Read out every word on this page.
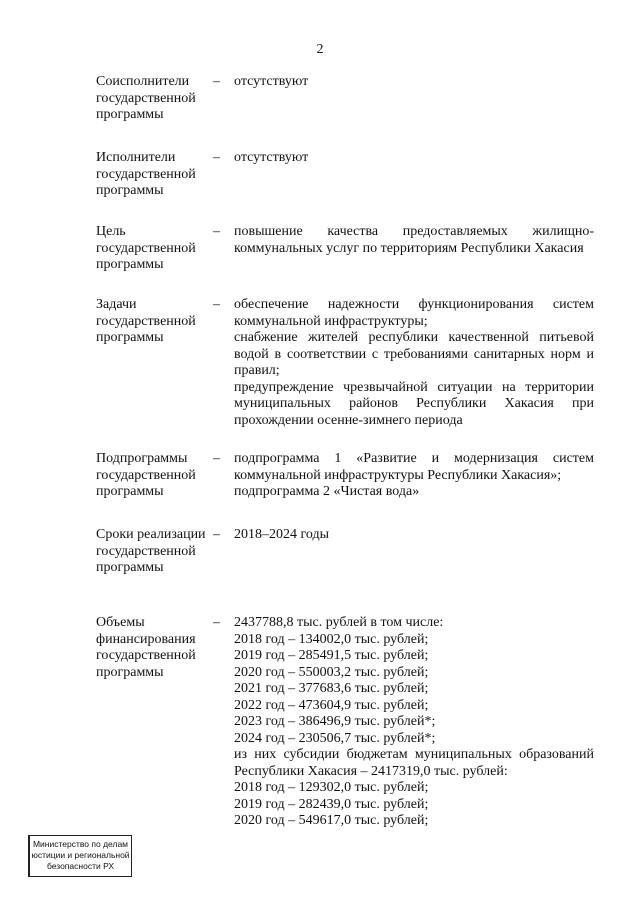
2
Соисполнители государственной программы
–	отсутствуют

Исполнители государственной программы
–	отсутствуют

Цель государственной программы
–	повышение качества предоставляемых жилищно-коммунальных услуг по территориям Республики Хакасия

Задачи государственной программы
–	обеспечение надежности функционирования систем коммунальной инфраструктуры;

снабжение жителей республики качественной питьевой водой в соответствии с требованиями санитарных норм и правил;

предупреждение чрезвычайной ситуации на территории муниципальных районов Республики Хакасия при прохождении осенне-зимнего периода

Подпрограммы государственной программы
–	подпрограмма 1 «Развитие и модернизация систем коммунальной инфраструктуры Республики Хакасия»;

подпрограмма 2 «Чистая вода»

Сроки реализации государственной программы
–	2018–2024 годы

Объемы финансирования государственной программы
–	2437788,8 тыс. рублей в том числе:

2018 год – 134002,0 тыс. рублей;

2019 год – 285491,5 тыс. рублей;

2020 год – 550003,2 тыс. рублей;

2021 год – 377683,6 тыс. рублей;

2022 год – 473604,9 тыс. рублей;

2023 год – 386496,9 тыс. рублей*;

2024 год – 230506,7 тыс. рублей*;

из них субсидии бюджетам муниципальных образований Республики Хакасия – 2417319,0 тыс. рублей:

2018 год – 129302,0 тыс. рублей;

2019 год – 282439,0 тыс. рублей;

2020 год – 549617,0 тыс. рублей;

Министерство по делам
юстиции и региональной
безопасности РХ
